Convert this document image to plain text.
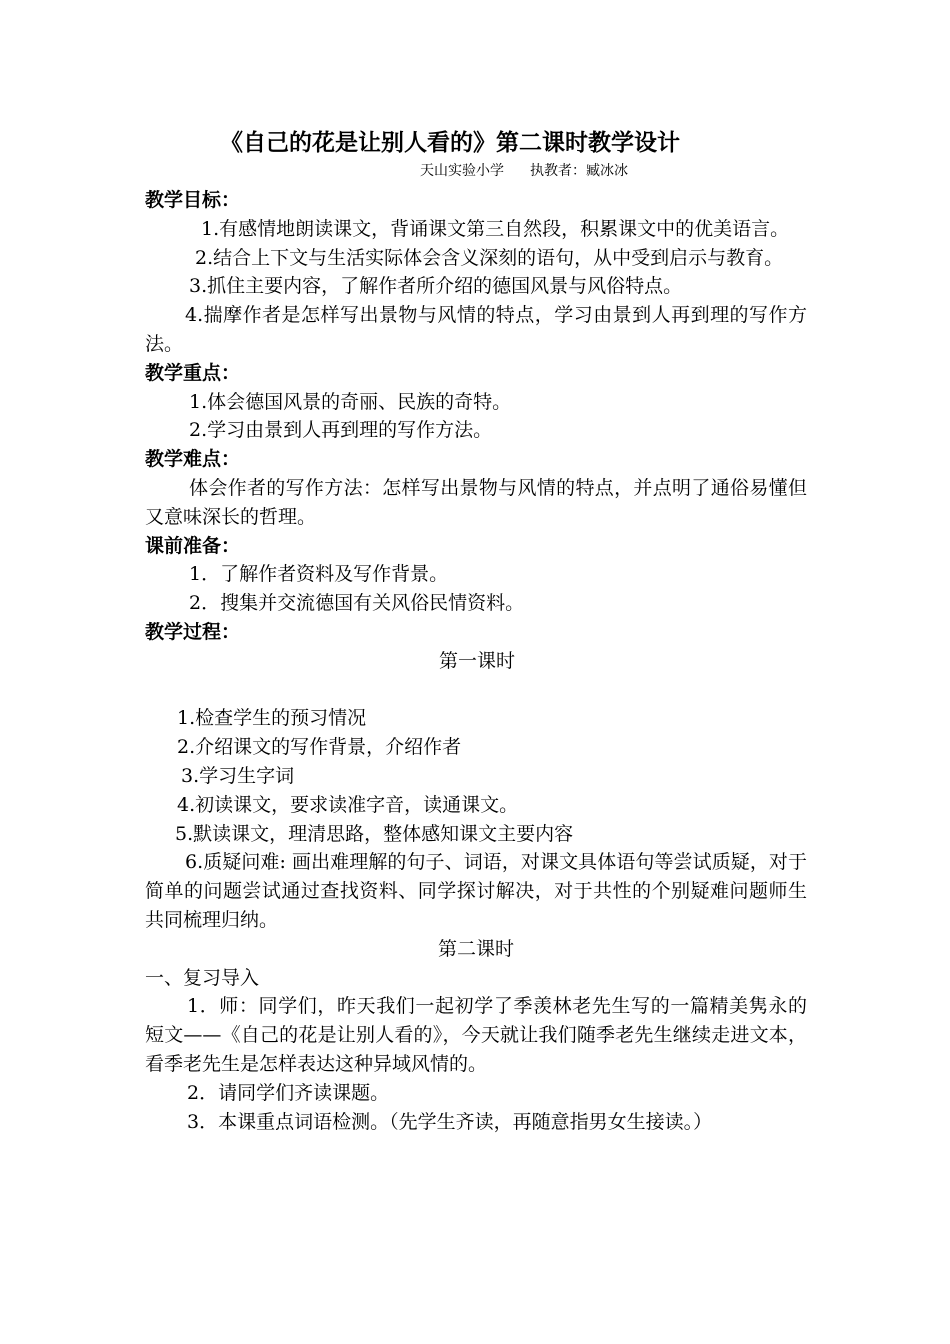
《自己的花是让别人看的》第二课时教学设计
天山实验小学 执教者：臧冰冰
教学目标：
1.有感情地朗读课文，背诵课文第三自然段，积累课文中的优美语言。
2.结合上下文与生活实际体会含义深刻的语句，从中受到启示与教育。
3.抓住主要内容，了解作者所介绍的德国风景与风俗特点。
4.揣摩作者是怎样写出景物与风情的特点，学习由景到人再到理的写作方法。
教学重点：
1.体会德国风景的奇丽、民族的奇特。
2.学习由景到人再到理的写作方法。
教学难点：
体会作者的写作方法：怎样写出景物与风情的特点，并点明了通俗易懂但又意味深长的哲理。
课前准备：
1．了解作者资料及写作背景。
2．搜集并交流德国有关风俗民情资料。
教学过程：
第一课时
1.检查学生的预习情况
2.介绍课文的写作背景，介绍作者
3.学习生字词
4.初读课文，要求读准字音，读通课文。
5.默读课文，理清思路，整体感知课文主要内容
6.质疑问难: 画出难理解的句子、词语，对课文具体语句等尝试质疑，对于简单的问题尝试通过查找资料、同学探讨解决，对于共性的个别疑难问题师生共同梳理归纳。
第二课时
一、复习导入
1．师：同学们，昨天我们一起初学了季羡林老先生写的一篇精美隽永的短文——《自己的花是让别人看的》，今天就让我们随季老先生继续走进文本，看季老先生是怎样表达这种异域风情的。
2．请同学们齐读课题。
3．本课重点词语检测。（先学生齐读，再随意指男女生接读。）
